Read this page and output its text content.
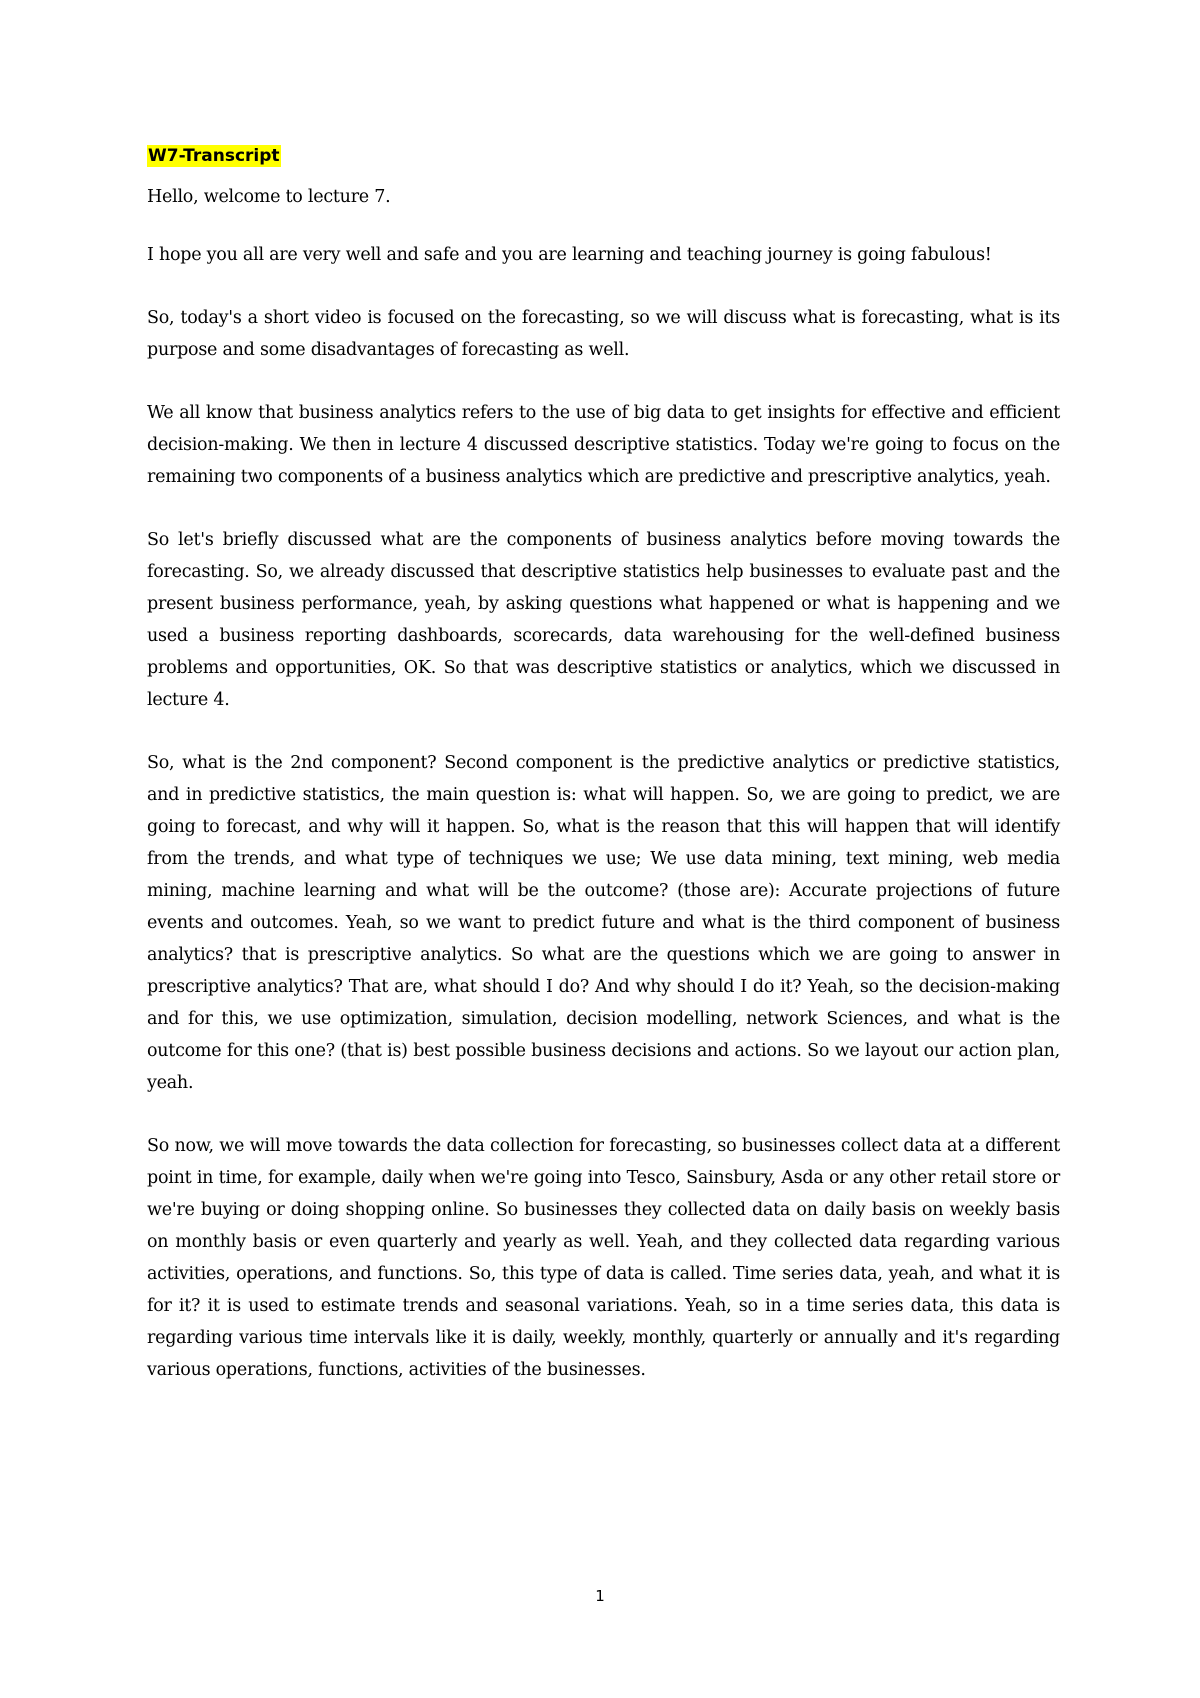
W7-Transcript

Hello, welcome to lecture 7.

I hope you all are very well and safe and you are learning and teaching journey is going fabulous!

So, today's a short video is focused on the forecasting, so we will discuss what is forecasting, what is its purpose and some disadvantages of forecasting as well.

We all know that business analytics refers to the use of big data to get insights for effective and efficient decision-making. We then in lecture 4 discussed descriptive statistics. Today we're going to focus on the remaining two components of a business analytics which are predictive and prescriptive analytics, yeah.

So let's briefly discussed what are the components of business analytics before moving towards the forecasting. So, we already discussed that descriptive statistics help businesses to evaluate past and the present business performance, yeah, by asking questions what happened or what is happening and we used a business reporting dashboards, scorecards, data warehousing for the well-defined business problems and opportunities, OK. So that was descriptive statistics or analytics, which we discussed in lecture 4.

So, what is the 2nd component? Second component is the predictive analytics or predictive statistics, and in predictive statistics, the main question is: what will happen. So, we are going to predict, we are going to forecast, and why will it happen. So, what is the reason that this will happen that will identify from the trends, and what type of techniques we use; We use data mining, text mining, web media mining, machine learning and what will be the outcome? (those are): Accurate projections of future events and outcomes. Yeah, so we want to predict future and what is the third component of business analytics? that is prescriptive analytics. So what are the questions which we are going to answer in prescriptive analytics? That are, what should I do? And why should I do it? Yeah, so the decision-making and for this, we use optimization, simulation, decision modelling, network Sciences, and what is the outcome for this one? (that is) best possible business decisions and actions. So we layout our action plan, yeah.

So now, we will move towards the data collection for forecasting, so businesses collect data at a different point in time, for example, daily when we're going into Tesco, Sainsbury, Asda or any other retail store or we're buying or doing shopping online. So businesses they collected data on daily basis on weekly basis on monthly basis or even quarterly and yearly as well. Yeah, and they collected data regarding various activities, operations, and functions. So, this type of data is called. Time series data, yeah, and what it is for it? it is used to estimate trends and seasonal variations. Yeah, so in a time series data, this data is regarding various time intervals like it is daily, weekly, monthly, quarterly or annually and it's regarding various operations, functions, activities of the businesses.

1
